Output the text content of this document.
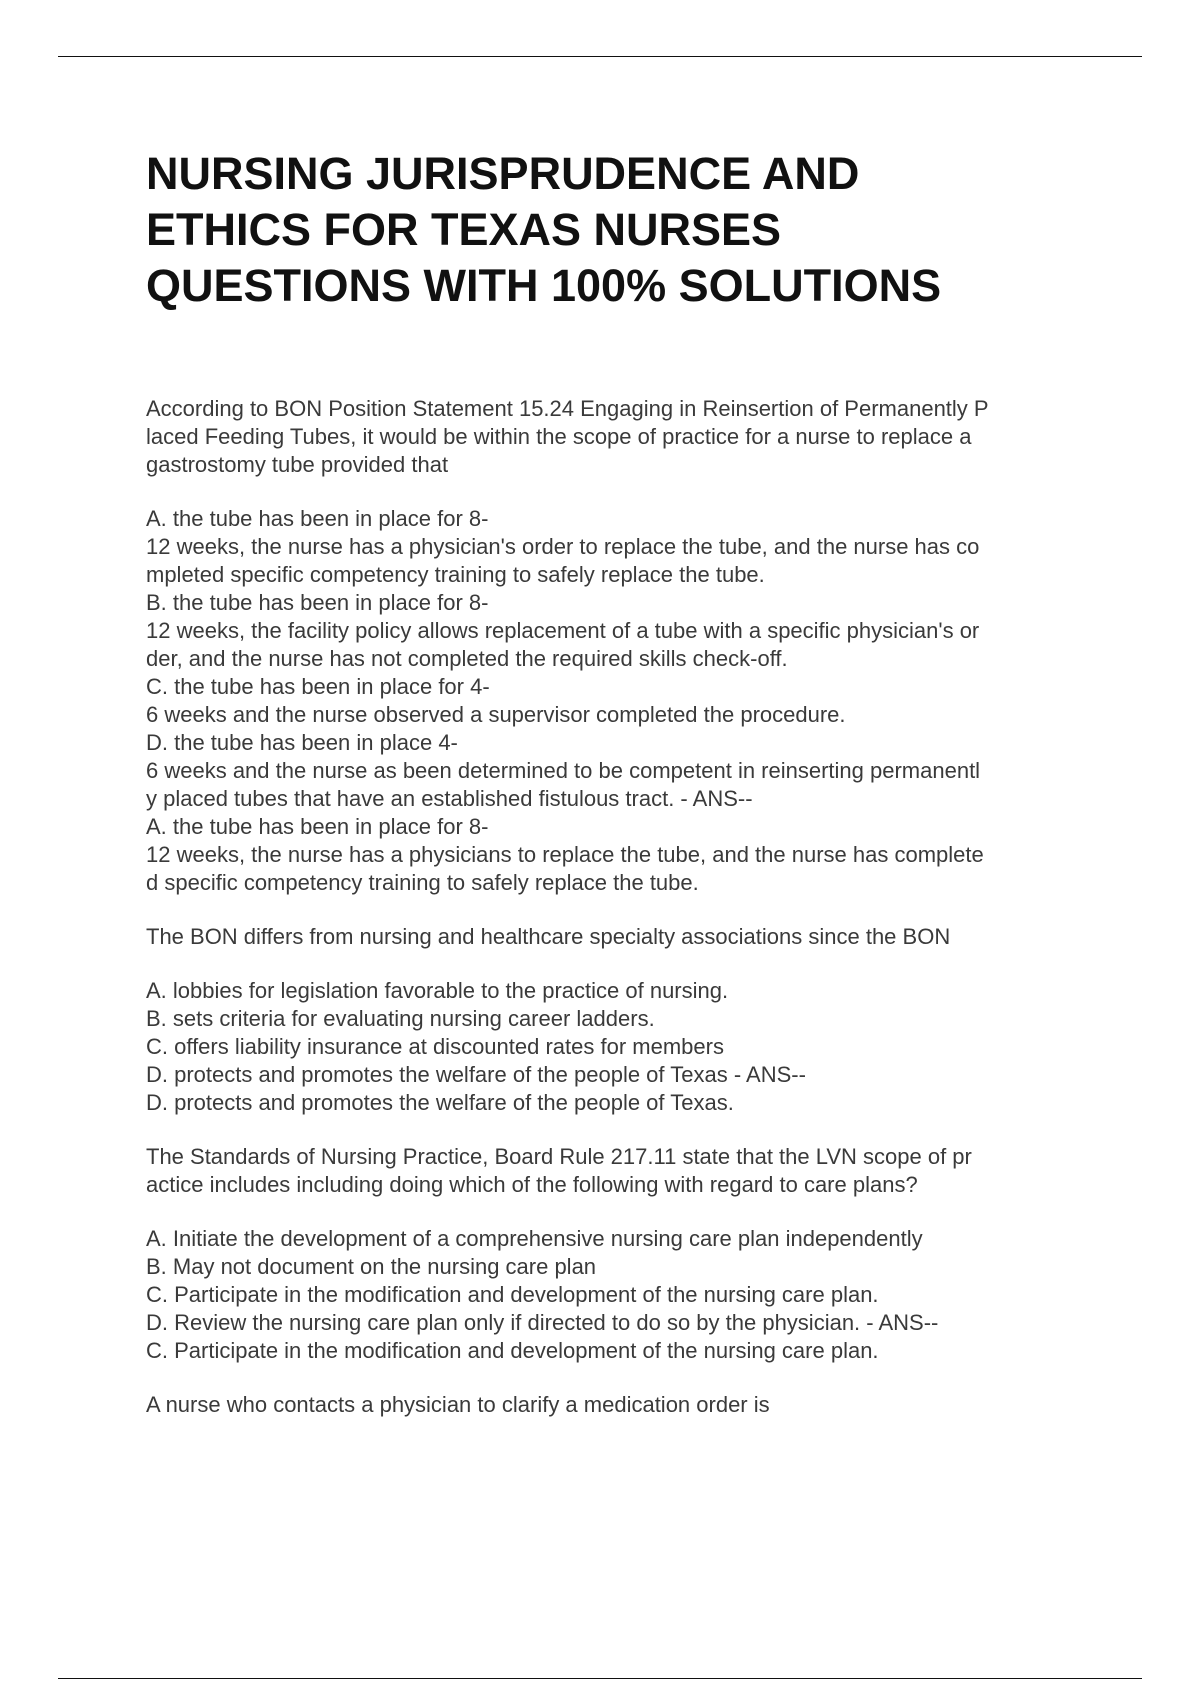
NURSING JURISPRUDENCE AND
ETHICS FOR TEXAS NURSES
QUESTIONS WITH 100% SOLUTIONS
According to BON Position Statement 15.24 Engaging in Reinsertion of Permanently P
laced Feeding Tubes, it would be within the scope of practice for a nurse to replace a
gastrostomy tube provided that
A. the tube has been in place for 8-
12 weeks, the nurse has a physician's order to replace the tube, and the nurse has co
mpleted specific competency training to safely replace the tube.
B. the tube has been in place for 8-
12 weeks, the facility policy allows replacement of a tube with a specific physician's or
der, and the nurse has not completed the required skills check-off.
C. the tube has been in place for 4-
6 weeks and the nurse observed a supervisor completed the procedure.
D. the tube has been in place 4-
6 weeks and the nurse as been determined to be competent in reinserting permanentl
y placed tubes that have an established fistulous tract. - ANS--
A. the tube has been in place for 8-
12 weeks, the nurse has a physicians to replace the tube, and the nurse has complete
d specific competency training to safely replace the tube.
The BON differs from nursing and healthcare specialty associations since the BON
A. lobbies for legislation favorable to the practice of nursing.
B. sets criteria for evaluating nursing career ladders.
C. offers liability insurance at discounted rates for members
D. protects and promotes the welfare of the people of Texas - ANS--
D. protects and promotes the welfare of the people of Texas.
The Standards of Nursing Practice, Board Rule 217.11 state that the LVN scope of pr
actice includes including doing which of the following with regard to care plans?
A. Initiate the development of a comprehensive nursing care plan independently
B. May not document on the nursing care plan
C. Participate in the modification and development of the nursing care plan.
D. Review the nursing care plan only if directed to do so by the physician. - ANS--
C. Participate in the modification and development of the nursing care plan.
A nurse who contacts a physician to clarify a medication order is
